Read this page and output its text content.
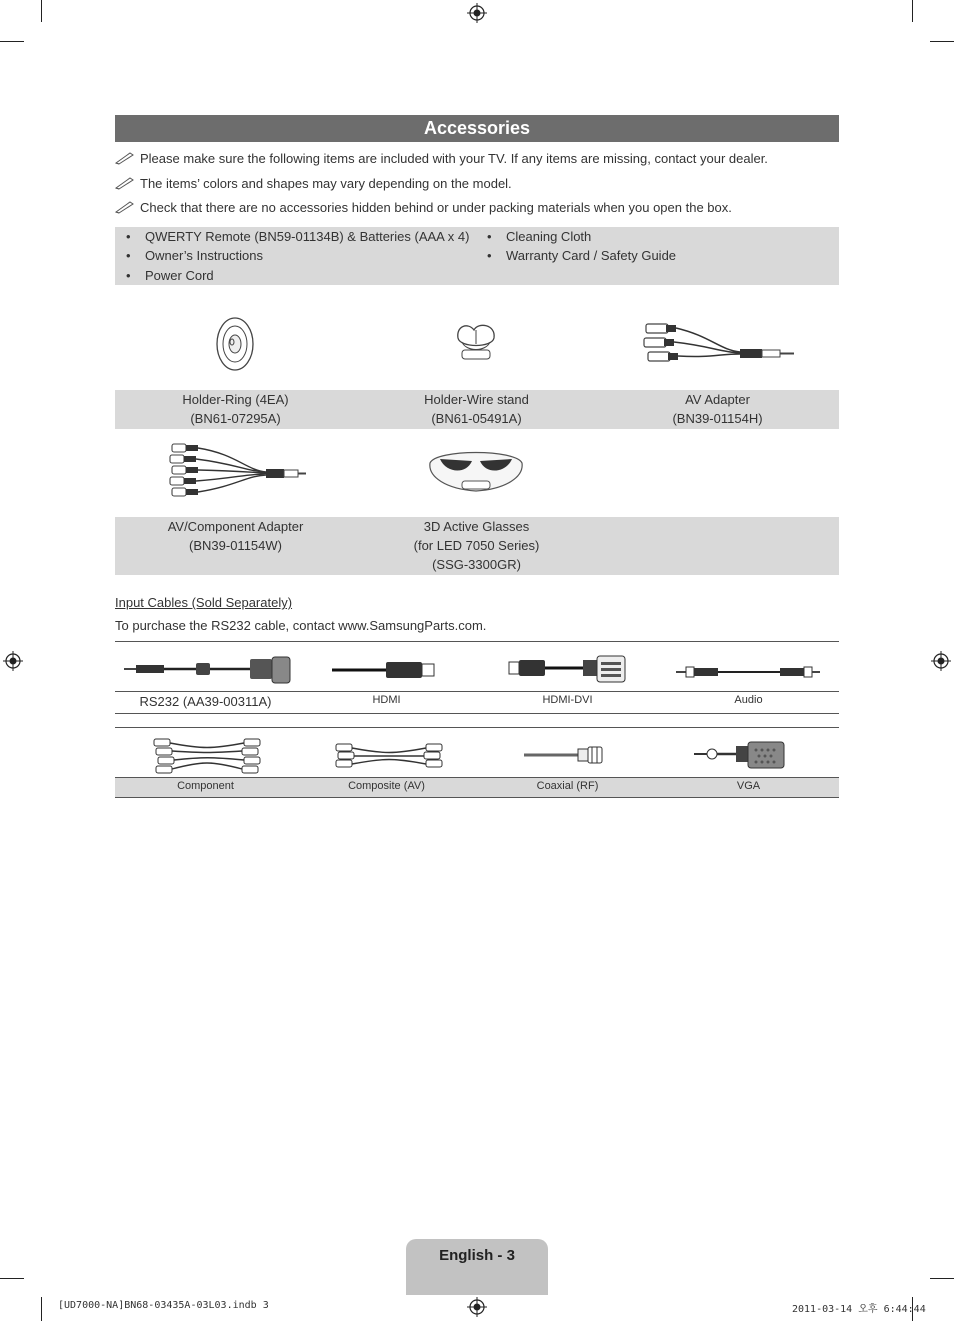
Accessories
Please make sure the following items are included with your TV. If any items are missing, contact your dealer.
The items’ colors and shapes may vary depending on the model.
Check that there are no accessories hidden behind or under packing materials when you open the box.
• QWERTY Remote (BN59-01134B) & Batteries (AAA x 4)
• Owner’s Instructions
• Power Cord
• Cleaning Cloth
• Warranty Card / Safety Guide
Holder-Ring (4EA)
(BN61-07295A)
Holder-Wire stand
(BN61-05491A)
AV Adapter
(BN39-01154H)
AV/Component Adapter
(BN39-01154W)
3D Active Glasses
(for LED 7050 Series)
(SSG-3300GR)
Input Cables (Sold Separately)
To purchase the RS232 cable, contact www.SamsungParts.com.
RS232 (AA39-00311A)	HDMI	HDMI-DVI	Audio
Component	Composite (AV)	Coaxial (RF)	VGA
English - 3
[UD7000-NA]BN68-03435A-03L03.indb 3	2011-03-14 오후 6:44:44
